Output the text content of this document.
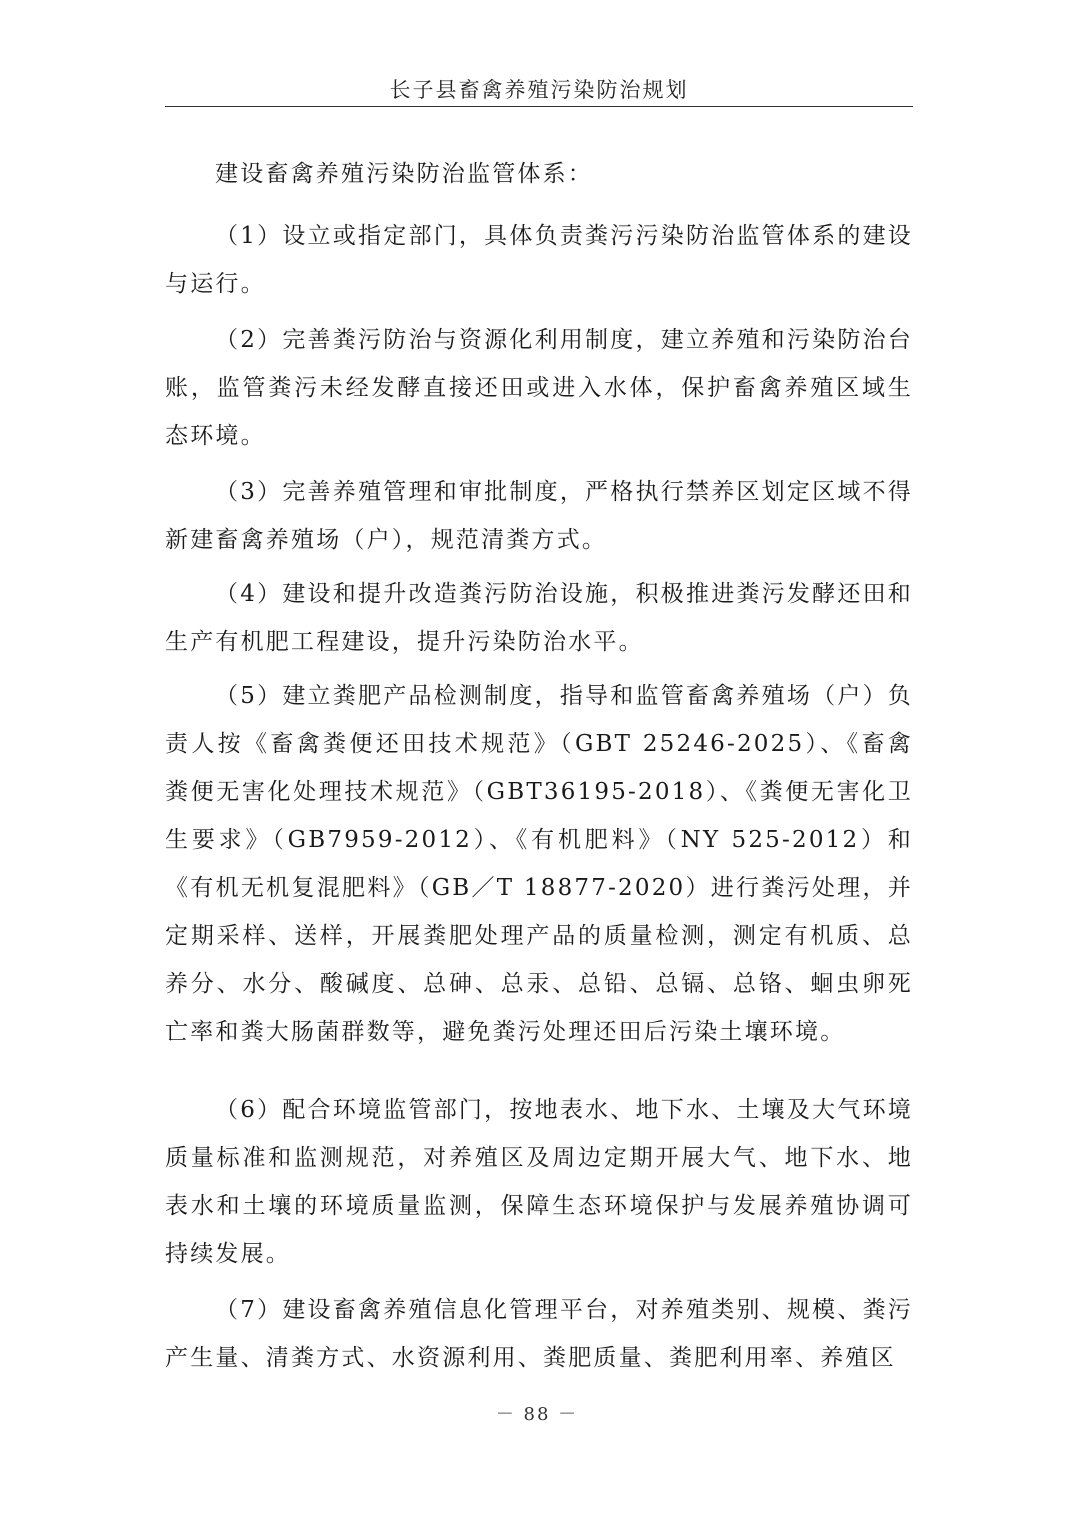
长子县畜禽养殖污染防治规划

建设畜禽养殖污染防治监管体系：

（1）设立或指定部门，具体负责粪污污染防治监管体系的建设与运行。

（2）完善粪污防治与资源化利用制度，建立养殖和污染防治台账，监管粪污未经发酵直接还田或进入水体，保护畜禽养殖区域生态环境。

（3）完善养殖管理和审批制度，严格执行禁养区划定区域不得新建畜禽养殖场（户），规范清粪方式。

（4）建设和提升改造粪污防治设施，积极推进粪污发酵还田和生产有机肥工程建设，提升污染防治水平。

（5）建立粪肥产品检测制度，指导和监管畜禽养殖场（户）负责人按《畜禽粪便还田技术规范》（GBT 25246-2025）、《畜禽粪便无害化处理技术规范》（GBT36195-2018）、《粪便无害化卫生要求》（GB7959-2012）、《有机肥料》（NY 525-2012）和《有机无机复混肥料》（GB／T 18877-2020）进行粪污处理，并定期采样、送样，开展粪肥处理产品的质量检测，测定有机质、总养分、水分、酸碱度、总砷、总汞、总铅、总镉、总铬、蛔虫卵死亡率和粪大肠菌群数等，避免粪污处理还田后污染土壤环境。

（6）配合环境监管部门，按地表水、地下水、土壤及大气环境质量标准和监测规范，对养殖区及周边定期开展大气、地下水、地表水和土壤的环境质量监测，保障生态环境保护与发展养殖协调可持续发展。

（7）建设畜禽养殖信息化管理平台，对养殖类别、规模、粪污产生量、清粪方式、水资源利用、粪肥质量、粪肥利用率、养殖区

－ 88 －
